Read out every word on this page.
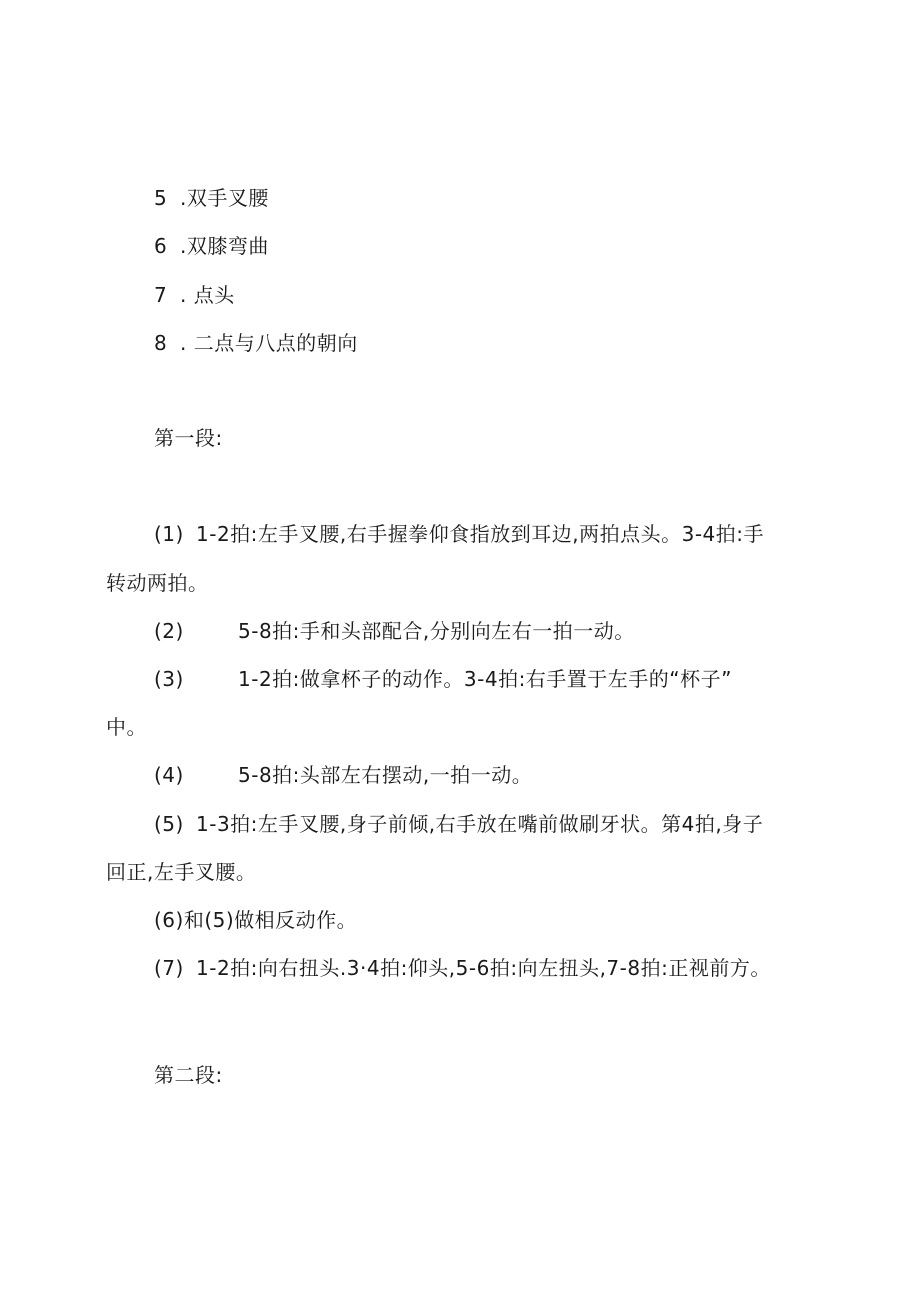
5 .双手叉腰
6 .双膝弯曲
7 . 点头
8 . 二点与八点的朝向
第一段:
(1) 1-2拍:左手叉腰,右手握拳仰食指放到耳边,两拍点头。3-4拍:手
转动两拍。
(2)	5-8拍:手和头部配合,分别向左右一拍一动。
(3)	1-2拍:做拿杯子的动作。3-4拍:右手置于左手的“杯子”
中。
(4)	5-8拍:头部左右摆动,一拍一动。
(5) 1-3拍:左手叉腰,身子前倾,右手放在嘴前做刷牙状。第4拍,身子
回正,左手叉腰。
(6)和(5)做相反动作。
(7) 1-2拍:向右扭头.3·4拍:仰头,5-6拍:向左扭头,7-8拍:正视前方。
第二段:
